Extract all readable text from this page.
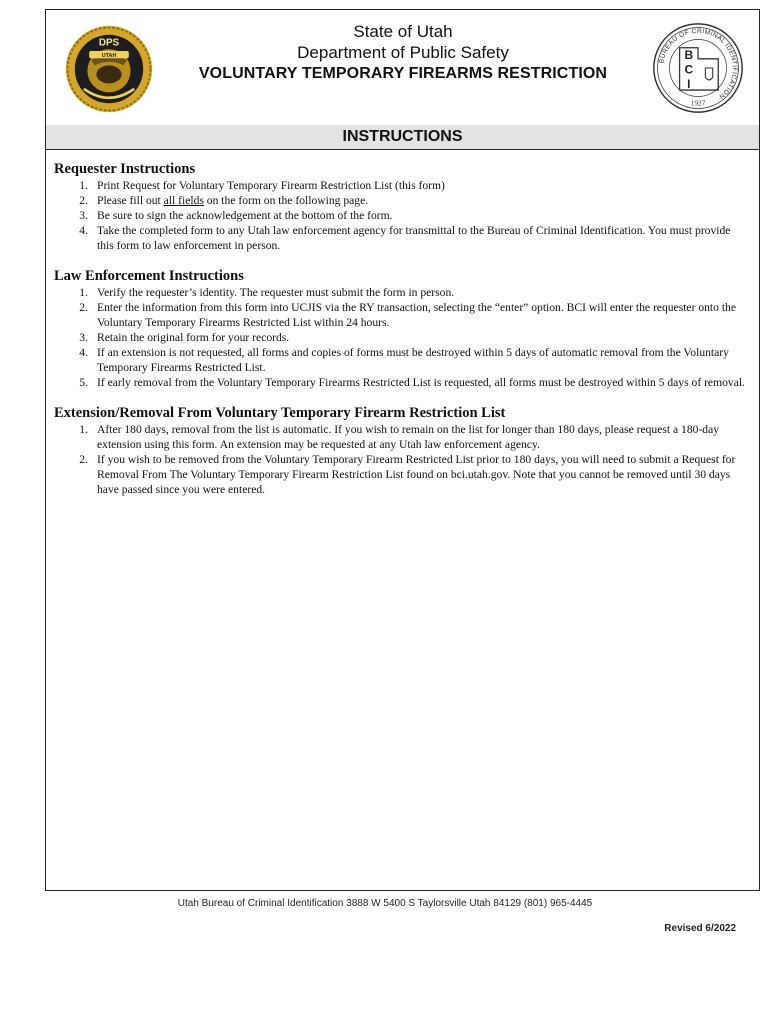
DPS
UTAH
State of Utah
Department of Public Safety
VOLUNTARY TEMPORARY FIREARMS RESTRICTION
BUREAU OF CRIMINAL IDENTIFICATION
B
C
I
1927
INSTRUCTIONS
Requester Instructions
1. Print Request for Voluntary Temporary Firearm Restriction List (this form)
2. Please fill out all fields on the form on the following page.
3. Be sure to sign the acknowledgement at the bottom of the form.
4. Take the completed form to any Utah law enforcement agency for transmittal to the Bureau of Criminal Identification. You must provide this form to law enforcement in person.
Law Enforcement Instructions
1. Verify the requester’s identity. The requester must submit the form in person.
2. Enter the information from this form into UCJIS via the RY transaction, selecting the “enter” option. BCI will enter the requester onto the Voluntary Temporary Firearms Restricted List within 24 hours.
3. Retain the original form for your records.
4. If an extension is not requested, all forms and copies of forms must be destroyed within 5 days of automatic removal from the Voluntary Temporary Firearms Restricted List.
5. If early removal from the Voluntary Temporary Firearms Restricted List is requested, all forms must be destroyed within 5 days of removal.
Extension/Removal From Voluntary Temporary Firearm Restriction List
1. After 180 days, removal from the list is automatic. If you wish to remain on the list for longer than 180 days, please request a 180-day extension using this form. An extension may be requested at any Utah law enforcement agency.
2. If you wish to be removed from the Voluntary Temporary Firearm Restricted List prior to 180 days, you will need to submit a Request for Removal From The Voluntary Temporary Firearm Restriction List found on bci.utah.gov. Note that you cannot be removed until 30 days have passed since you were entered.
Utah Bureau of Criminal Identification 3888 W 5400 S Taylorsville Utah 84129 (801) 965-4445
Revised 6/2022
